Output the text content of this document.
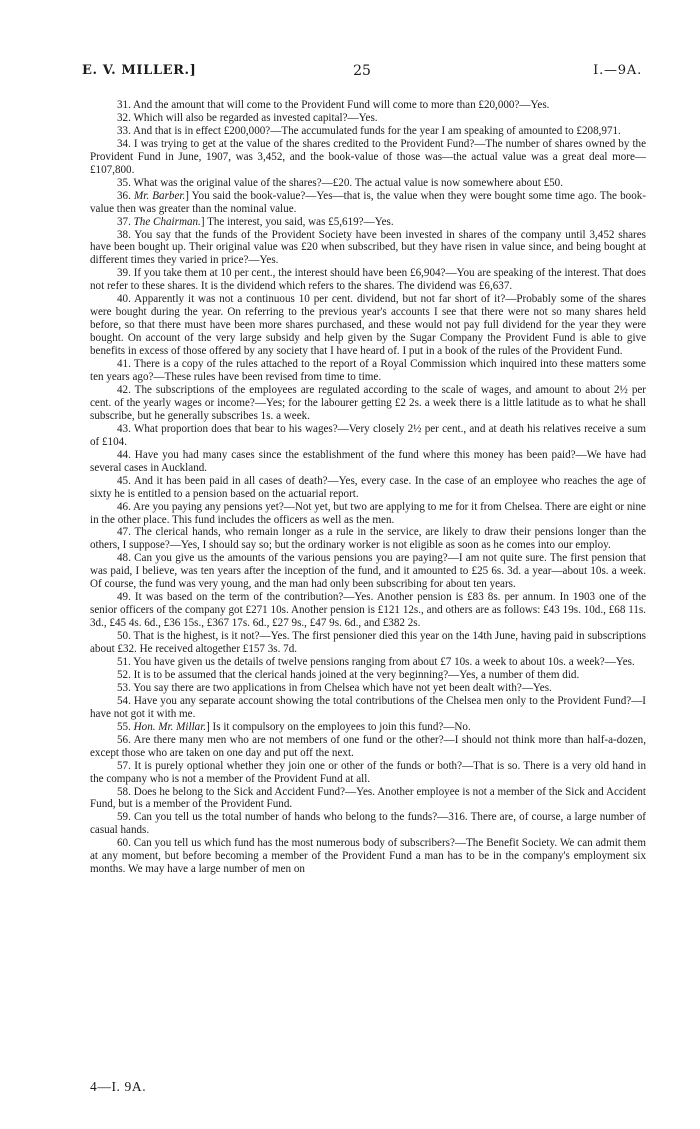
E. V. MILLER.]	25	I.—9A.

31. And the amount that will come to the Provident Fund will come to more than £20,000?—Yes.

32. Which will also be regarded as invested capital?—Yes.

33. And that is in effect £200,000?—The accumulated funds for the year I am speaking of amounted to £208,971.

34. I was trying to get at the value of the shares credited to the Provident Fund?—The number of shares owned by the Provident Fund in June, 1907, was 3,452, and the book-value of those was—the actual value was a great deal more—£107,800.

35. What was the original value of the shares?—£20. The actual value is now somewhere about £50.

36. Mr. Barber.] You said the book-value?—Yes—that is, the value when they were bought some time ago. The book-value then was greater than the nominal value.

37. The Chairman.] The interest, you said, was £5,619?—Yes.

38. You say that the funds of the Provident Society have been invested in shares of the company until 3,452 shares have been bought up. Their original value was £20 when subscribed, but they have risen in value since, and being bought at different times they varied in price?—Yes.

39. If you take them at 10 per cent., the interest should have been £6,904?—You are speaking of the interest. That does not refer to these shares. It is the dividend which refers to the shares. The dividend was £6,637.

40. Apparently it was not a continuous 10 per cent. dividend, but not far short of it?—Probably some of the shares were bought during the year. On referring to the previous year's accounts I see that there were not so many shares held before, so that there must have been more shares purchased, and these would not pay full dividend for the year they were bought. On account of the very large subsidy and help given by the Sugar Company the Provident Fund is able to give benefits in excess of those offered by any society that I have heard of. I put in a book of the rules of the Provident Fund.

41. There is a copy of the rules attached to the report of a Royal Commission which inquired into these matters some ten years ago?—These rules have been revised from time to time.

42. The subscriptions of the employees are regulated according to the scale of wages, and amount to about 2½ per cent. of the yearly wages or income?—Yes; for the labourer getting £2 2s. a week there is a little latitude as to what he shall subscribe, but he generally subscribes 1s. a week.

43. What proportion does that bear to his wages?—Very closely 2½ per cent., and at death his relatives receive a sum of £104.

44. Have you had many cases since the establishment of the fund where this money has been paid?—We have had several cases in Auckland.

45. And it has been paid in all cases of death?—Yes, every case. In the case of an employee who reaches the age of sixty he is entitled to a pension based on the actuarial report.

46. Are you paying any pensions yet?—Not yet, but two are applying to me for it from Chelsea. There are eight or nine in the other place. This fund includes the officers as well as the men.

47. The clerical hands, who remain longer as a rule in the service, are likely to draw their pensions longer than the others, I suppose?—Yes, I should say so; but the ordinary worker is not eligible as soon as he comes into our employ.

48. Can you give us the amounts of the various pensions you are paying?—I am not quite sure. The first pension that was paid, I believe, was ten years after the inception of the fund, and it amounted to £25 6s. 3d. a year—about 10s. a week. Of course, the fund was very young, and the man had only been subscribing for about ten years.

49. It was based on the term of the contribution?—Yes. Another pension is £83 8s. per annum. In 1903 one of the senior officers of the company got £271 10s. Another pension is £121 12s., and others are as follows: £43 19s. 10d., £68 11s. 3d., £45 4s. 6d., £36 15s., £367 17s. 6d., £27 9s., £47 9s. 6d., and £382 2s.

50. That is the highest, is it not?—Yes. The first pensioner died this year on the 14th June, having paid in subscriptions about £32. He received altogether £157 3s. 7d.

51. You have given us the details of twelve pensions ranging from about £7 10s. a week to about 10s. a week?—Yes.

52. It is to be assumed that the clerical hands joined at the very beginning?—Yes, a number of them did.

53. You say there are two applications in from Chelsea which have not yet been dealt with?—Yes.

54. Have you any separate account showing the total contributions of the Chelsea men only to the Provident Fund?—I have not got it with me.

55. Hon. Mr. Millar.] Is it compulsory on the employees to join this fund?—No.

56. Are there many men who are not members of one fund or the other?—I should not think more than half-a-dozen, except those who are taken on one day and put off the next.

57. It is purely optional whether they join one or other of the funds or both?—That is so. There is a very old hand in the company who is not a member of the Provident Fund at all.

58. Does he belong to the Sick and Accident Fund?—Yes. Another employee is not a member of the Sick and Accident Fund, but is a member of the Provident Fund.

59. Can you tell us the total number of hands who belong to the funds?—316. There are, of course, a large number of casual hands.

60. Can you tell us which fund has the most numerous body of subscribers?—The Benefit Society. We can admit them at any moment, but before becoming a member of the Provident Fund a man has to be in the company's employment six months. We may have a large number of men on

4—I. 9A.
